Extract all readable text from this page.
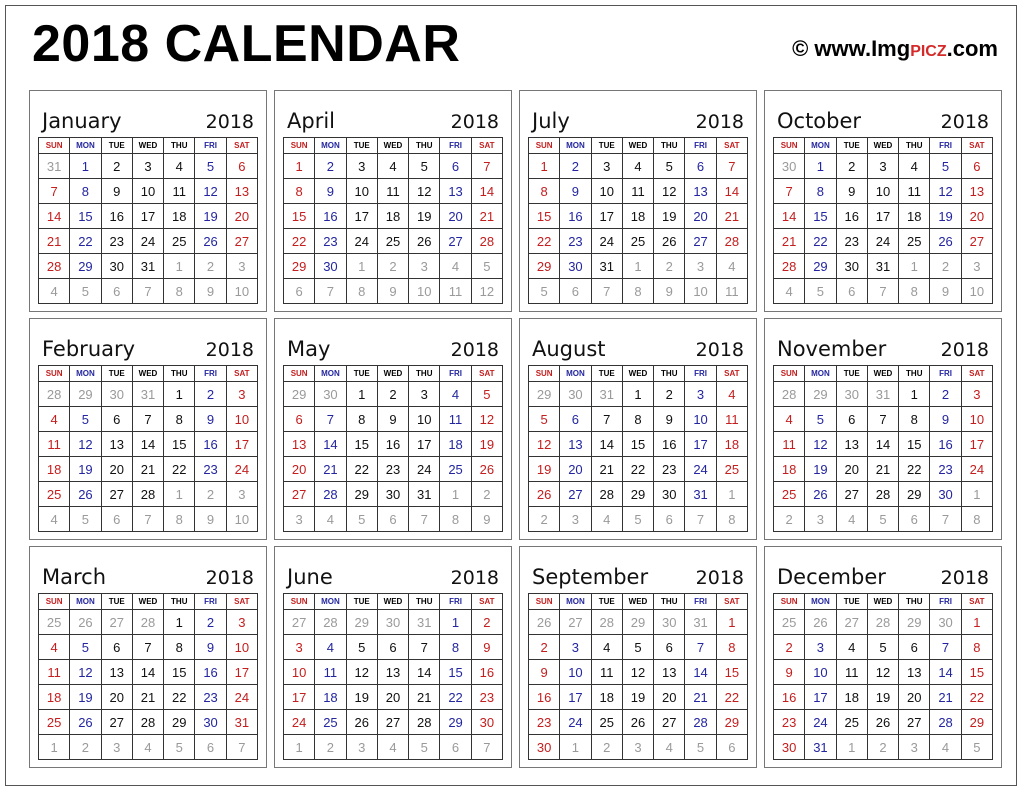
2018 CALENDAR	© www.ImgPICZ.com
January	2018
SUN	MON	TUE	WED	THU	FRI	SAT
31	1	2	3	4	5	6
7	8	9	10	11	12	13
14	15	16	17	18	19	20
21	22	23	24	25	26	27
28	29	30	31	1	2	3
4	5	6	7	8	9	10
April	2018
SUN	MON	TUE	WED	THU	FRI	SAT
1	2	3	4	5	6	7
8	9	10	11	12	13	14
15	16	17	18	19	20	21
22	23	24	25	26	27	28
29	30	1	2	3	4	5
6	7	8	9	10	11	12
July	2018
SUN	MON	TUE	WED	THU	FRI	SAT
1	2	3	4	5	6	7
8	9	10	11	12	13	14
15	16	17	18	19	20	21
22	23	24	25	26	27	28
29	30	31	1	2	3	4
5	6	7	8	9	10	11
October	2018
SUN	MON	TUE	WED	THU	FRI	SAT
30	1	2	3	4	5	6
7	8	9	10	11	12	13
14	15	16	17	18	19	20
21	22	23	24	25	26	27
28	29	30	31	1	2	3
4	5	6	7	8	9	10
February	2018
SUN	MON	TUE	WED	THU	FRI	SAT
28	29	30	31	1	2	3
4	5	6	7	8	9	10
11	12	13	14	15	16	17
18	19	20	21	22	23	24
25	26	27	28	1	2	3
4	5	6	7	8	9	10
May	2018
SUN	MON	TUE	WED	THU	FRI	SAT
29	30	1	2	3	4	5
6	7	8	9	10	11	12
13	14	15	16	17	18	19
20	21	22	23	24	25	26
27	28	29	30	31	1	2
3	4	5	6	7	8	9
August	2018
SUN	MON	TUE	WED	THU	FRI	SAT
29	30	31	1	2	3	4
5	6	7	8	9	10	11
12	13	14	15	16	17	18
19	20	21	22	23	24	25
26	27	28	29	30	31	1
2	3	4	5	6	7	8
November	2018
SUN	MON	TUE	WED	THU	FRI	SAT
28	29	30	31	1	2	3
4	5	6	7	8	9	10
11	12	13	14	15	16	17
18	19	20	21	22	23	24
25	26	27	28	29	30	1
2	3	4	5	6	7	8
March	2018
SUN	MON	TUE	WED	THU	FRI	SAT
25	26	27	28	1	2	3
4	5	6	7	8	9	10
11	12	13	14	15	16	17
18	19	20	21	22	23	24
25	26	27	28	29	30	31
1	2	3	4	5	6	7
June	2018
SUN	MON	TUE	WED	THU	FRI	SAT
27	28	29	30	31	1	2
3	4	5	6	7	8	9
10	11	12	13	14	15	16
17	18	19	20	21	22	23
24	25	26	27	28	29	30
1	2	3	4	5	6	7
September	2018
SUN	MON	TUE	WED	THU	FRI	SAT
26	27	28	29	30	31	1
2	3	4	5	6	7	8
9	10	11	12	13	14	15
16	17	18	19	20	21	22
23	24	25	26	27	28	29
30	1	2	3	4	5	6
December	2018
SUN	MON	TUE	WED	THU	FRI	SAT
25	26	27	28	29	30	1
2	3	4	5	6	7	8
9	10	11	12	13	14	15
16	17	18	19	20	21	22
23	24	25	26	27	28	29
30	31	1	2	3	4	5
